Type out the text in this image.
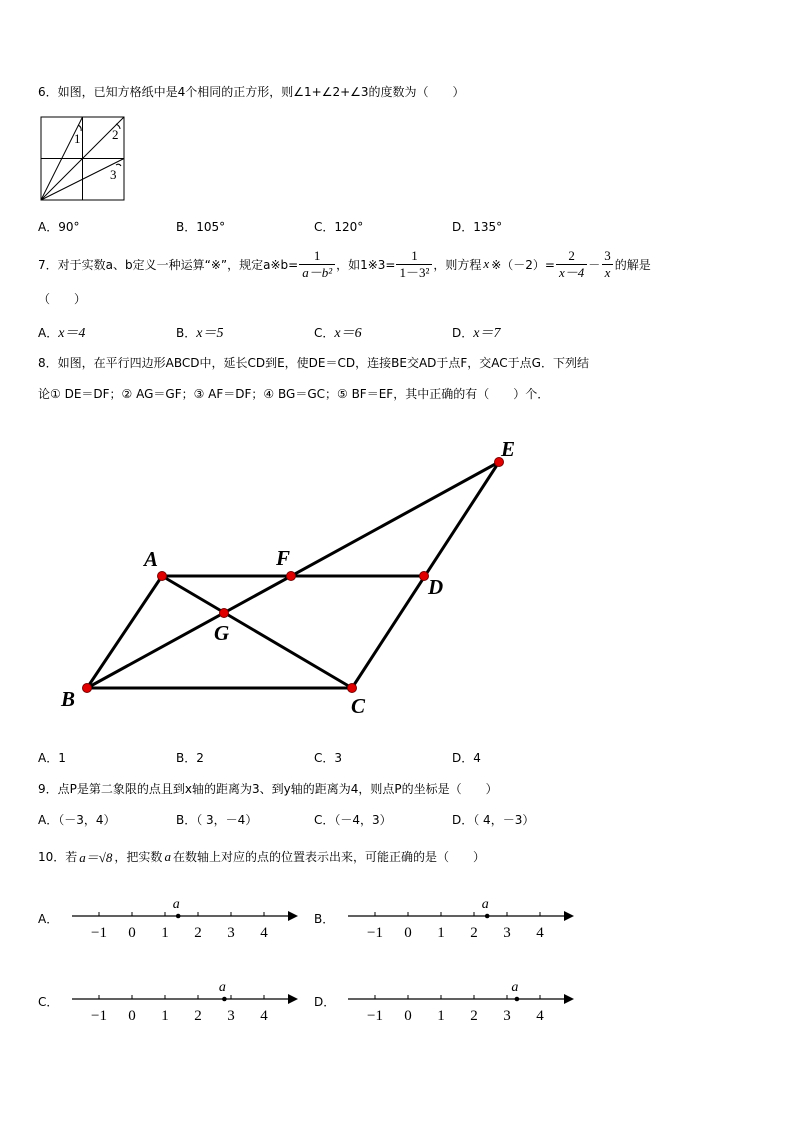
6．如图，已知方格纸中是4个相同的正方形，则∠1+∠2+∠3的度数为（　　）
1 2
3
A．90°	B．105°	C．120°	D．135°
7．对于实数a、b定义一种运算“※”，规定a※b= $\frac{1}{\text{a－b²}}$ ，如1※3= $\frac{1}{\text{1－3²}}$ ，则方程 x ※（－2）= $\frac{2}{x-4} - \frac{3}{x}$ 的解是
（　　）
A．x＝4	B．x＝5	C．x＝6	D．x＝7
8．如图，在平行四边形ABCD中，延长CD到E，使DE＝CD，连接BE交AD于点F，交AC于点G．下列结
论① DE＝DF；② AG＝GF；③ AF＝DF；④ BG＝GC；⑤ BF＝EF，其中正确的有（　　）个．
A
B	C
D
E
F
G
A．1	B．2	C．3	D．4
9．点P是第二象限的点且到x轴的距离为3、到y轴的距离为4，则点P的坐标是（　　）
A．（－3，4）	B．（ 3，－4）	C．（－4，3）	D．（ 4，－3）
10．若 a＝√8 ，把实数 a 在数轴上对应的点的位置表示出来，可能正确的是（　　）
A．	B．
C．	D．
−1 0 1 2 3 4
a
−1 0 1 2 3 4
a
−1 0 1 2 3 4
a
−1 0 1 2 3 4
a
